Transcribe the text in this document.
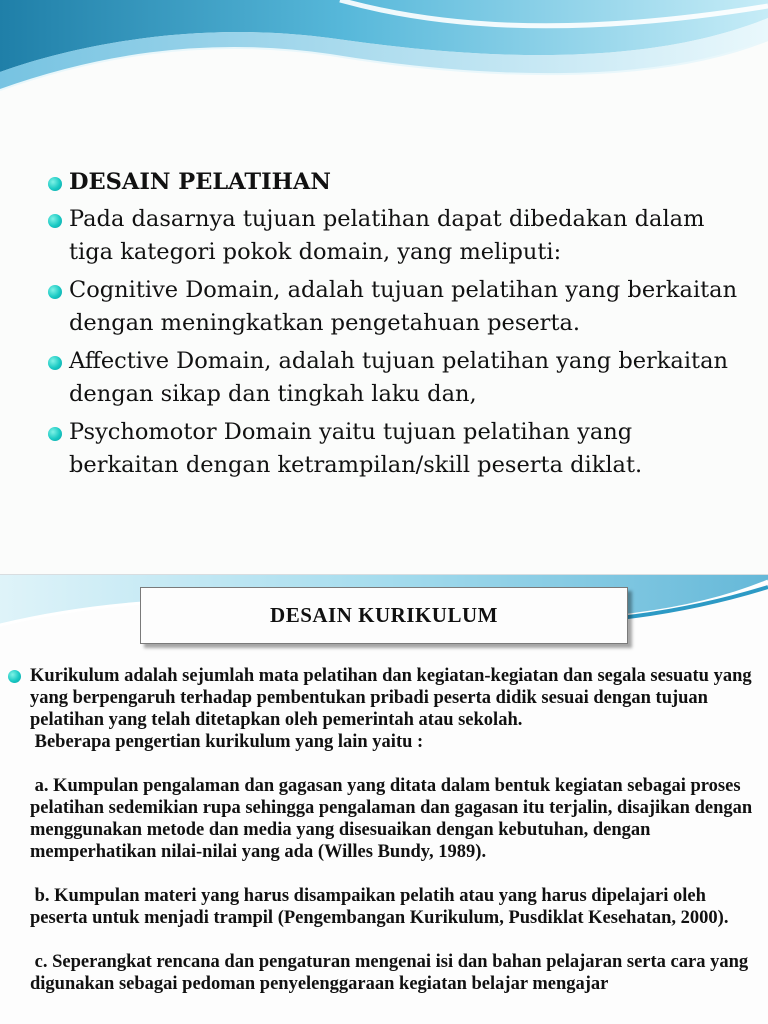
DESAIN PELATIHAN
Pada dasarnya tujuan pelatihan dapat dibedakan dalam tiga kategori pokok domain, yang meliputi:
Cognitive Domain, adalah tujuan pelatihan yang berkaitan dengan meningkatkan pengetahuan peserta.
Affective Domain, adalah tujuan pelatihan yang berkaitan dengan sikap dan tingkah laku dan,
Psychomotor Domain yaitu tujuan pelatihan yang berkaitan dengan ketrampilan/skill peserta diklat.
DESAIN KURIKULUM

Kurikulum adalah sejumlah mata pelatihan dan kegiatan-kegiatan dan segala sesuatu yang yang berpengaruh terhadap pembentukan pribadi peserta didik sesuai dengan tujuan pelatihan yang telah ditetapkan oleh pemerintah atau sekolah.

Beberapa pengertian kurikulum yang lain yaitu :

a. Kumpulan pengalaman dan gagasan yang ditata dalam bentuk kegiatan sebagai proses pelatihan sedemikian rupa sehingga pengalaman dan gagasan itu terjalin, disajikan dengan menggunakan metode dan media yang disesuaikan dengan kebutuhan, dengan memperhatikan nilai-nilai yang ada (Willes Bundy, 1989).

b. Kumpulan materi yang harus disampaikan pelatih atau yang harus dipelajari oleh peserta untuk menjadi trampil (Pengembangan Kurikulum, Pusdiklat Kesehatan, 2000).

c. Seperangkat rencana dan pengaturan mengenai isi dan bahan pelajaran serta cara yang digunakan sebagai pedoman penyelenggaraan kegiatan belajar mengajar
